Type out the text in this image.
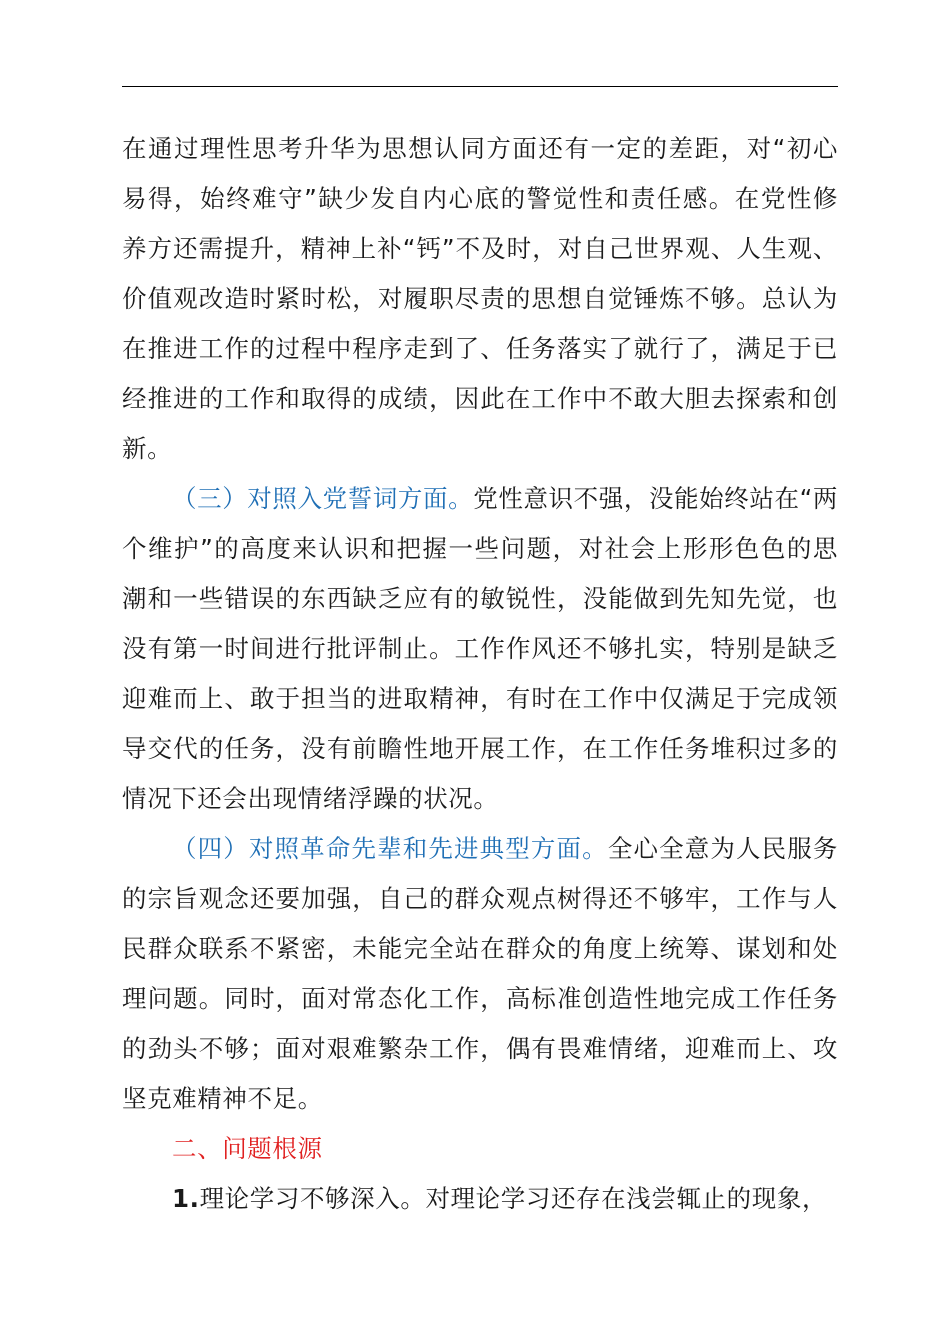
在通过理性思考升华为思想认同方面还有一定的差距，对“初心易得，始终难守”缺少发自内心底的警觉性和责任感。在党性修养方还需提升，精神上补“钙”不及时，对自己世界观、人生观、价值观改造时紧时松，对履职尽责的思想自觉锤炼不够。总认为在推进工作的过程中程序走到了、任务落实了就行了，满足于已经推进的工作和取得的成绩，因此在工作中不敢大胆去探索和创新。

（三）对照入党誓词方面。党性意识不强，没能始终站在“两个维护”的高度来认识和把握一些问题，对社会上形形色色的思潮和一些错误的东西缺乏应有的敏锐性，没能做到先知先觉，也没有第一时间进行批评制止。工作作风还不够扎实，特别是缺乏迎难而上、敢于担当的进取精神，有时在工作中仅满足于完成领导交代的任务，没有前瞻性地开展工作，在工作任务堆积过多的情况下还会出现情绪浮躁的状况。

（四）对照革命先辈和先进典型方面。全心全意为人民服务的宗旨观念还要加强，自己的群众观点树得还不够牢，工作与人民群众联系不紧密，未能完全站在群众的角度上统筹、谋划和处理问题。同时，面对常态化工作，高标准创造性地完成工作任务的劲头不够；面对艰难繁杂工作，偶有畏难情绪，迎难而上、攻坚克难精神不足。

二、问题根源

1.理论学习不够深入。对理论学习还存在浅尝辄止的现象，
